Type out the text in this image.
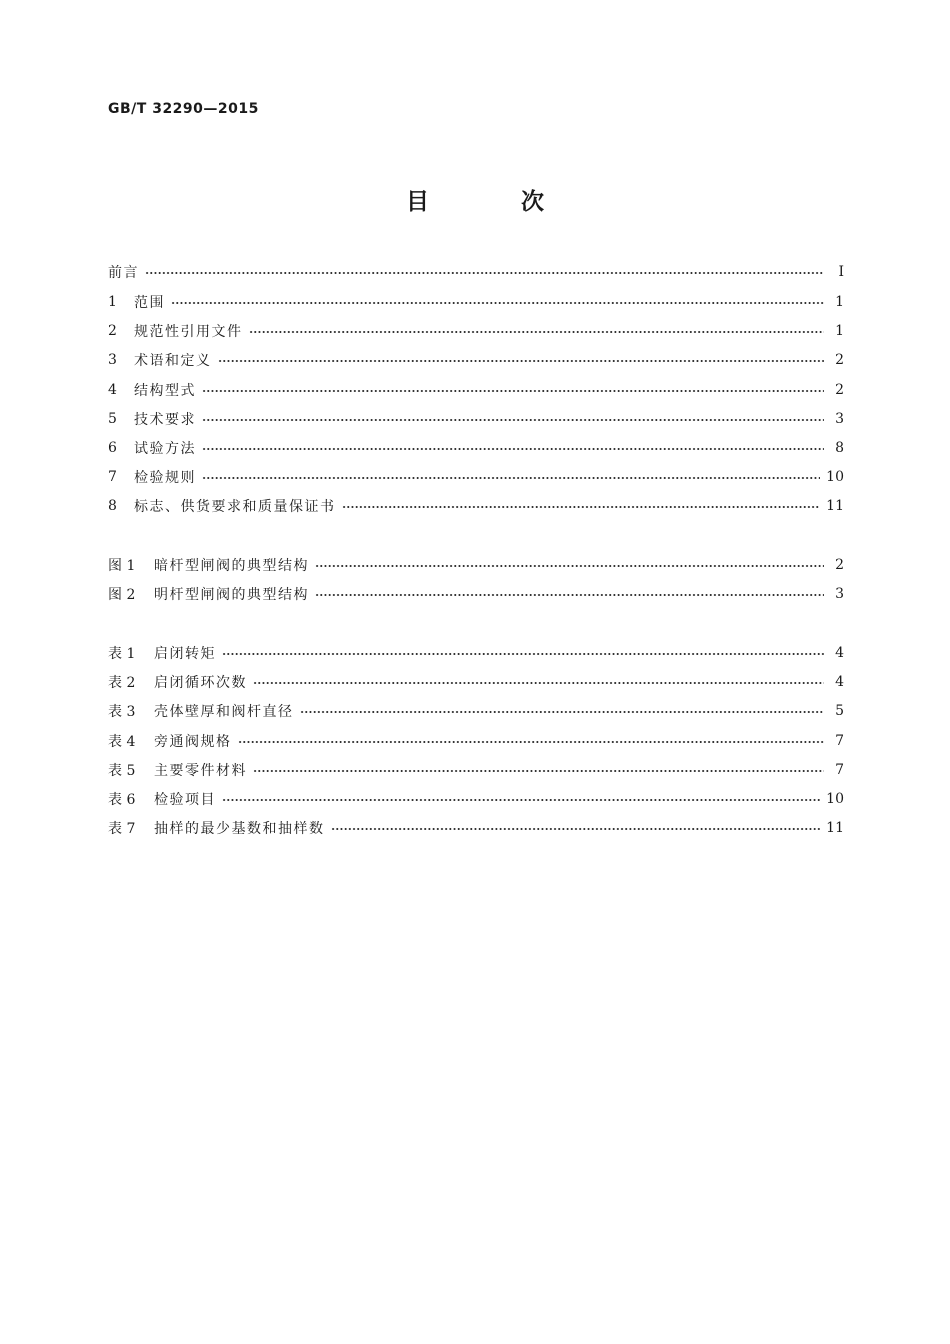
GB/T 32290—2015
目 次
前言	Ⅰ
1	范围	1
2	规范性引用文件	1
3	术语和定义	2
4	结构型式	2
5	技术要求	3
6	试验方法	8
7	检验规则	10
8	标志、供货要求和质量保证书	11
图 1	暗杆型闸阀的典型结构	2
图 2	明杆型闸阀的典型结构	3
表 1	启闭转矩	4
表 2	启闭循环次数	4
表 3	壳体壁厚和阀杆直径	5
表 4	旁通阀规格	7
表 5	主要零件材料	7
表 6	检验项目	10
表 7	抽样的最少基数和抽样数	11
